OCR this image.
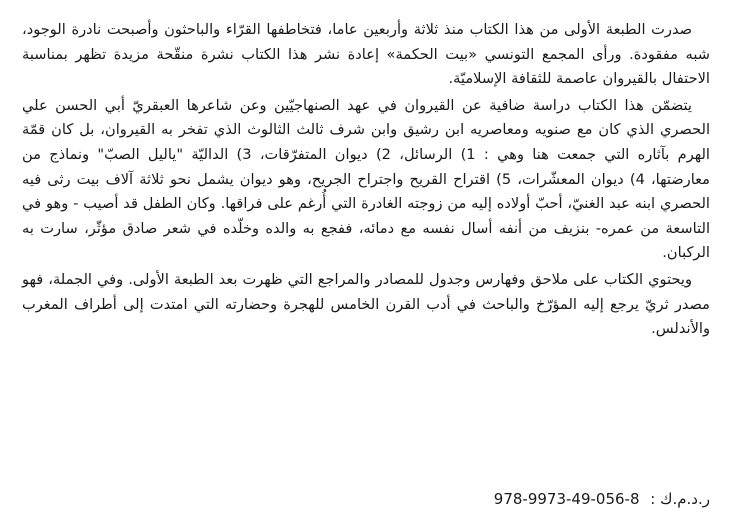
صدرت الطبعة الأولى من هذا الكتاب منذ ثلاثة وأربعين عاما، فتخاطفها القرّاء والباحثون وأصبحت نادرة الوجود، شبه مفقودة. ورأى المجمع التونسي «بيت الحكمة» إعادة نشر هذا الكتاب نشرة منقّحة مزيدة تظهر بمناسبة الاحتفال بالقيروان عاصمة للثقافة الإسلاميّة.

يتضمّن هذا الكتاب دراسة ضافية عن القيروان في عهد الصنهاجيّين وعن شاعرها العبقريّ أبي الحسن علي الحصري الذي كان مع صنويه ومعاصريه ابن رشيق وابن شرف ثالث الثالوث الذي تفخر به القيروان، بل كان قمّة الهرم بآثاره التي جمعت هنا وهي : 1) الرسائل، 2) ديوان المتفرّقات، 3) الداليّة "ياليل الصبّ" ونماذج من معارضتها، 4) ديوان المعشّرات، 5) اقتراح القريح واجتراح الجريح، وهو ديوان يشمل نحو ثلاثة آلاف بيت رثى فيه الحصري ابنه عبد الغنيّ، أحبّ أولاده إليه من زوجته الغادرة التي أُرغم على فراقها. وكان الطفل قد أصيب - وهو في التاسعة من عمره- بنزيف من أنفه أسال نفسه مع دمائه، ففجع به والده وخلّده في شعر صادق مؤثّر، سارت به الركبان.

ويحتوي الكتاب على ملاحق وفهارس وجدول للمصادر والمراجع التي ظهرت بعد الطبعة الأولى. وفي الجملة، فهو مصدر ثريّ يرجع إليه المؤرّخ والباحث في أدب القرن الخامس للهجرة وحضارته التي امتدت إلى أطراف المغرب والأندلس.

ر.د.م.ك : 978-9973-49-056-8
